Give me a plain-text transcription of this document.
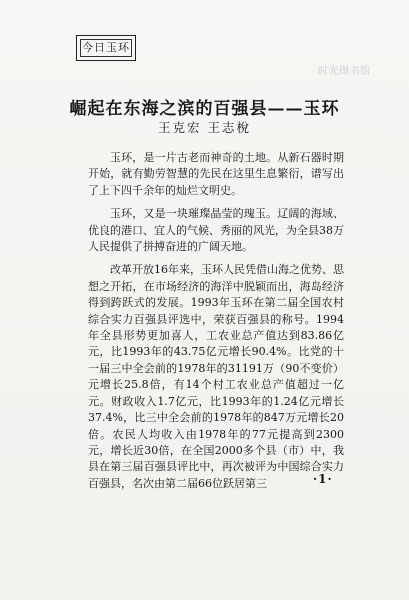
今日玉环
时光图书馆
崛起在东海之滨的百强县——玉环
王克宏 王志梲

玉环，是一片古老而神奇的土地。从新石器时期开始，就有勤劳智慧的先民在这里生息繁衍，谱写出了上下四千余年的灿烂文明史。

玉环，又是一块璀璨晶莹的瑰玉。辽阔的海域、优良的港口、宜人的气候、秀丽的风光，为全县38万人民提供了拼搏奋进的广阔天地。

改革开放16年来，玉环人民凭借山海之优势、思想之开拓，在市场经济的海洋中脱颖而出，海岛经济得到跨跃式的发展。1993年玉环在第二届全国农村综合实力百强县评选中，荣获百强县的称号。1994年全县形势更加喜人，工农业总产值达到83.86亿元，比1993年的43.75亿元增长90.4%。比党的十一届三中全会前的1978年的31191万（90不变价）元增长25.8倍，有14个村工农业总产值超过一亿元。财政收入1.7亿元，比1993年的1.24亿元增长37.4%，比三中全会前的1978年的847万元增长20倍。农民人均收入由1978年的77元提高到2300元，增长近30倍，在全国2000多个县（市）中，我县在第三届百强县评比中，再次被评为中国综合实力百强县，名次由第二届66位跃居第三	·1·
